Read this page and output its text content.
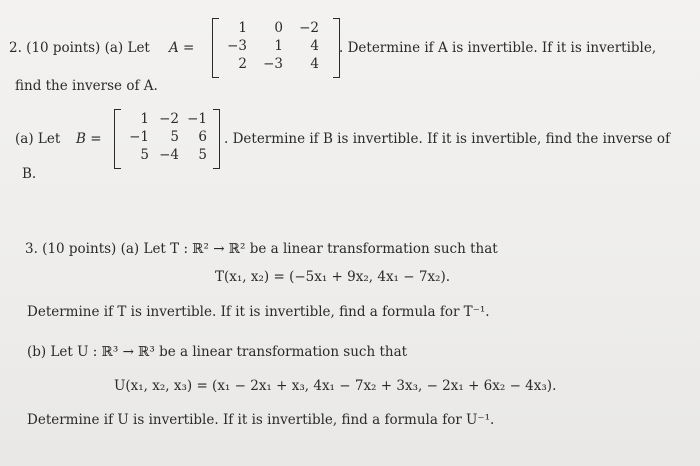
2. (10 points) (a) Let A =
1	0	−2
−3	1	4
2	−3	4
. Determine if A is invertible. If it is invertible,
find the inverse of A.
(a) Let B =
1 −2 −1
−1	5	6
5 −4	5
. Determine if B is invertible. If it is invertible, find the inverse of
B.
3. (10 points) (a) Let T : ℝ² → ℝ² be a linear transformation such that
T(x₁, x₂) = (−5x₁ + 9x₂, 4x₁ − 7x₂).
Determine if T is invertible. If it is invertible, find a formula for T⁻¹.
(b) Let U : ℝ³ → ℝ³ be a linear transformation such that
U(x₁, x₂, x₃) = (x₁ − 2x₁ + x₃, 4x₁ − 7x₂ + 3x₃, − 2x₁ + 6x₂ − 4x₃).
Determine if U is invertible. If it is invertible, find a formula for U⁻¹.
